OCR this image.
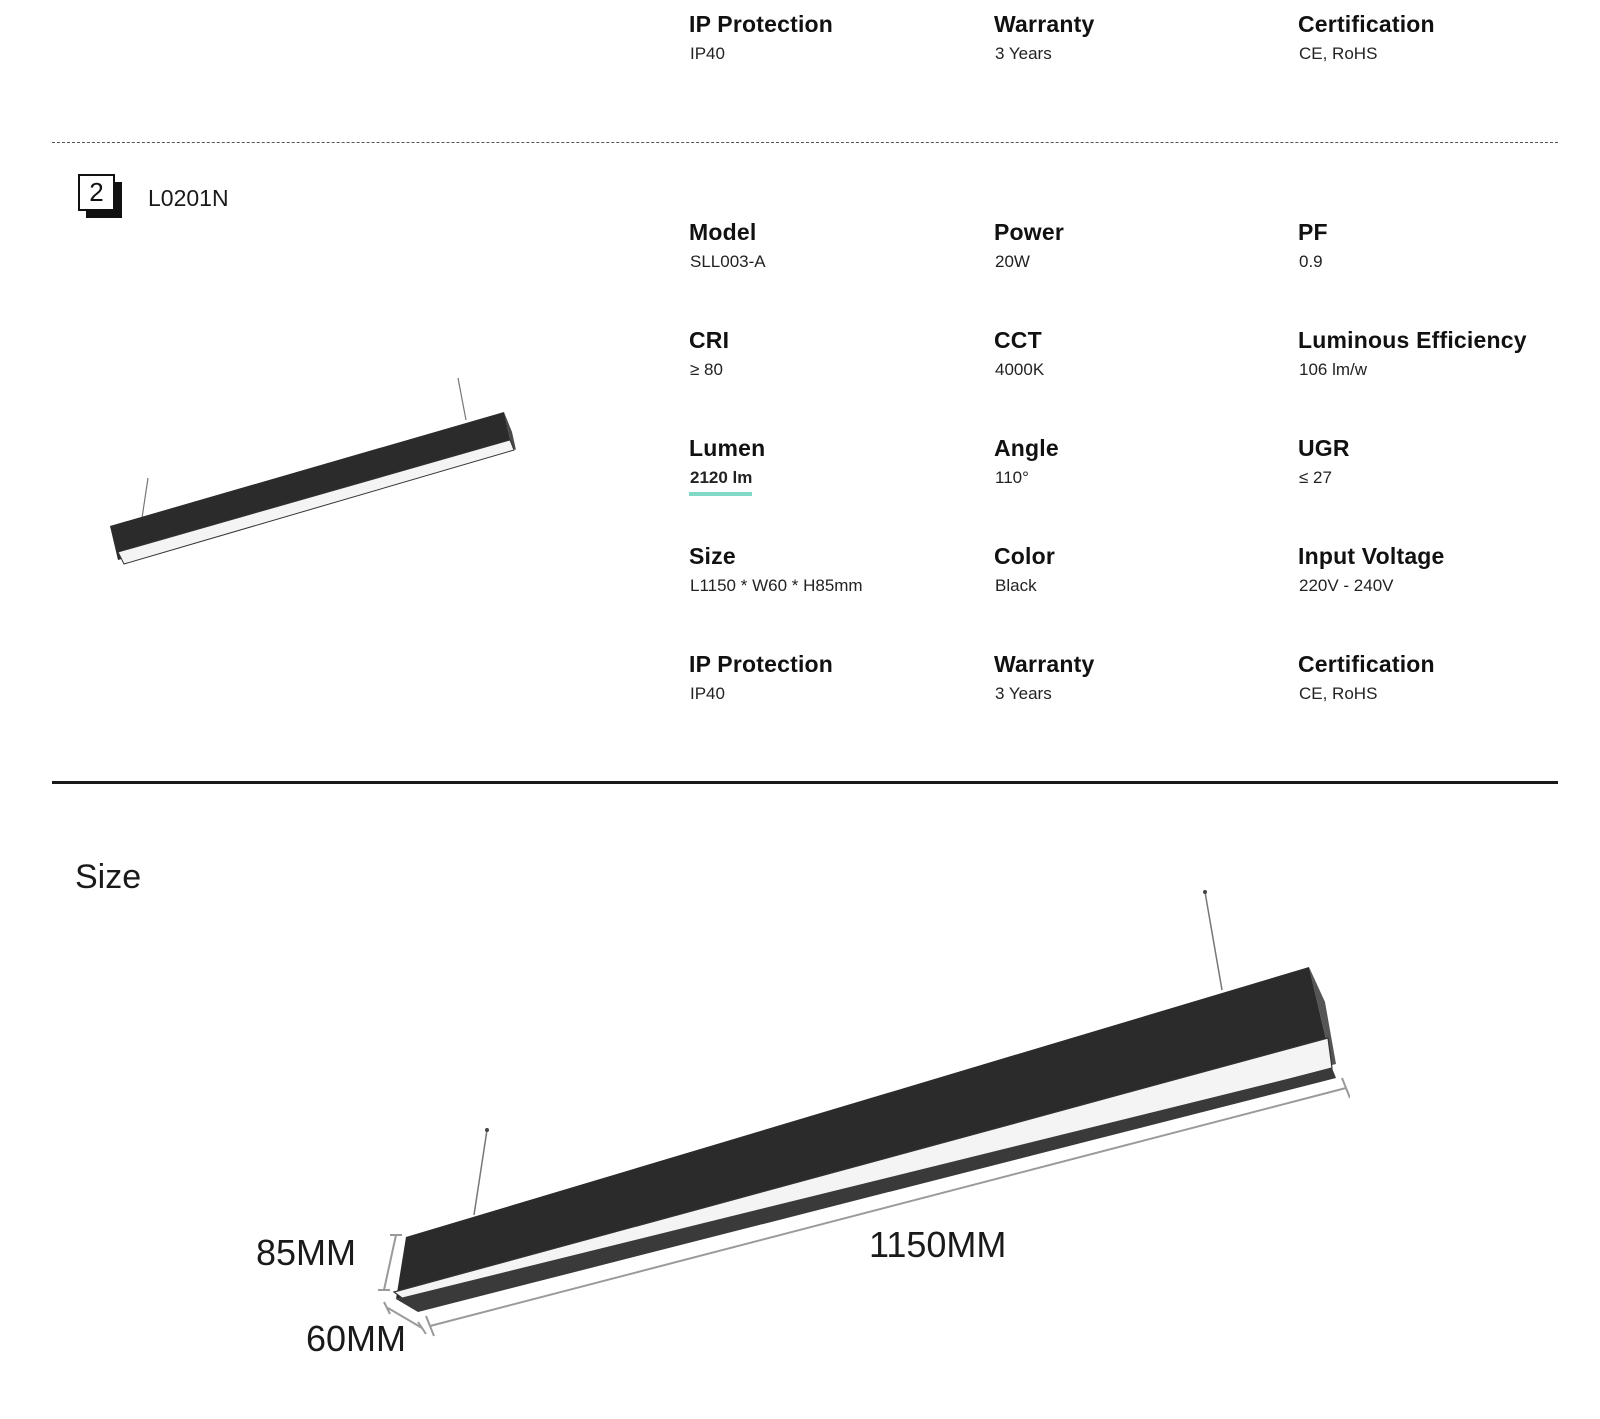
IP Protection
IP40
Warranty
3 Years
Certification
CE, RoHS
2	L0201N
Model
SLL003-A
Power
20W
PF
0.9
CRI
≥ 80
CCT
4000K
Luminous Efficiency
106 lm/w
Lumen
2120 lm
Angle
110°
UGR
≤ 27
Size
L1150 * W60 * H85mm
Color
Black
Input Voltage
220V - 240V
IP Protection
IP40
Warranty
3 Years
Certification
CE, RoHS
Size
85MM
60MM
1150MM
